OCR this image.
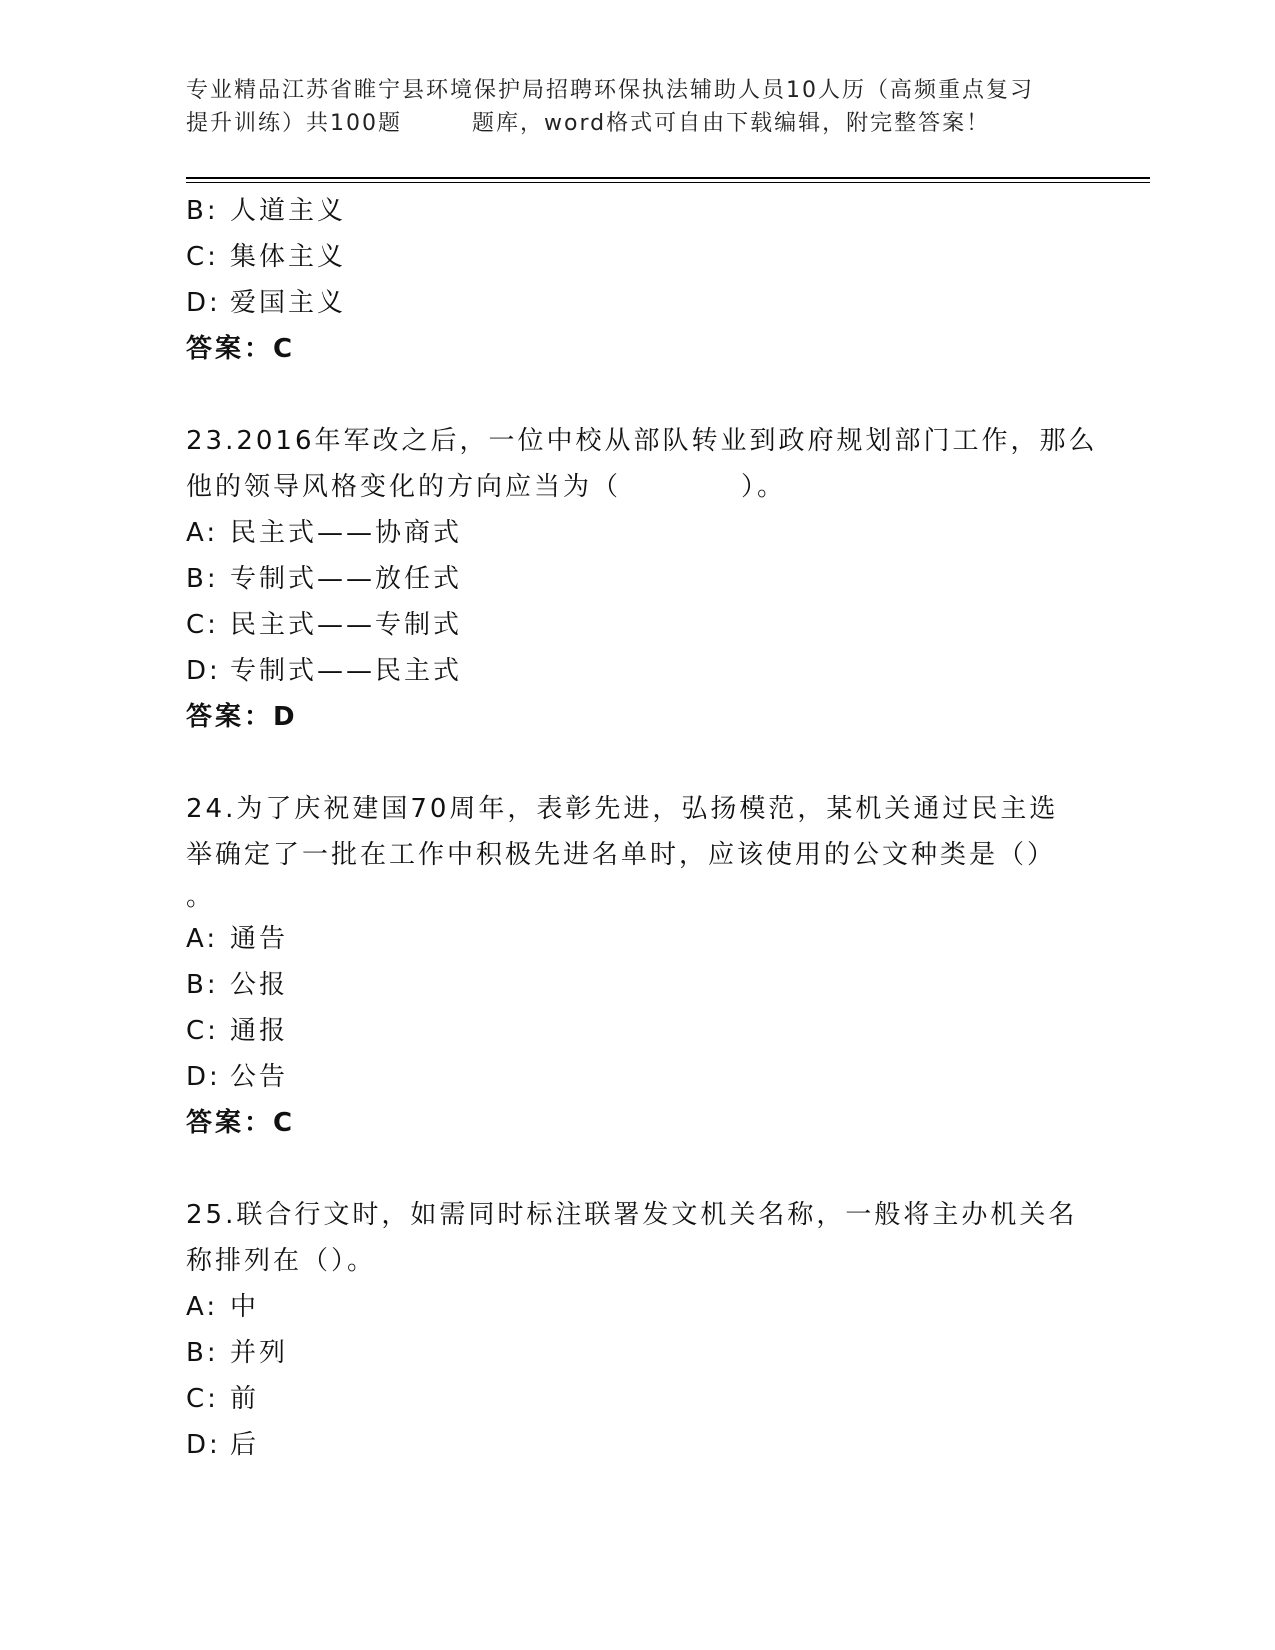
专业精品江苏省睢宁县环境保护局招聘环保执法辅助人员10人历（高频重点复习
提升训练）共100题	题库，word格式可自由下载编辑，附完整答案！
B: 人道主义
C: 集体主义
D: 爱国主义
答案：C
23.2016年军改之后，一位中校从部队转业到政府规划部门工作，那么
他的领导风格变化的方向应当为（	）。
A: 民主式——协商式
B: 专制式——放任式
C: 民主式——专制式
D: 专制式——民主式
答案：D
24.为了庆祝建国70周年，表彰先进，弘扬模范，某机关通过民主选
举确定了一批在工作中积极先进名单时，应该使用的公文种类是（）
。
A: 通告
B: 公报
C: 通报
D: 公告
答案：C
25.联合行文时，如需同时标注联署发文机关名称，一般将主办机关名
称排列在（）。
A: 中
B: 并列
C: 前
D: 后
